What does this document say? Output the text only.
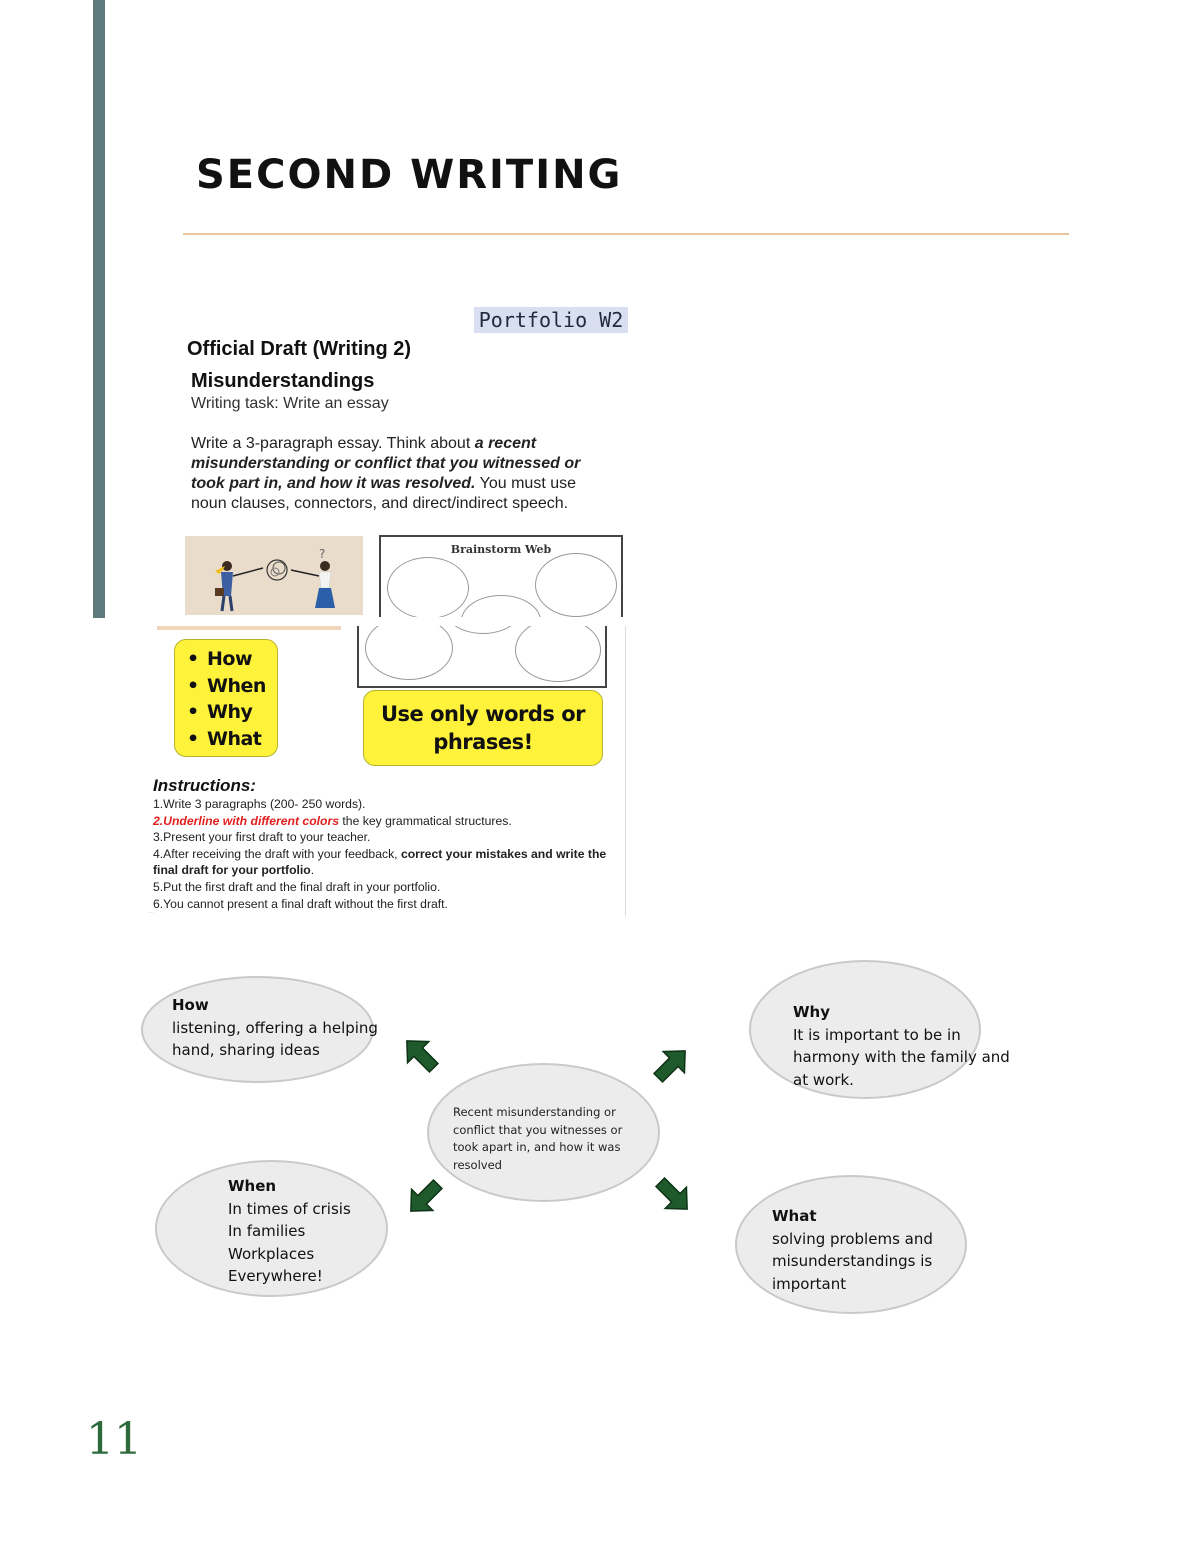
SECOND WRITING
Portfolio W2
Official Draft (Writing 2)
Misunderstandings
Writing task: Write an essay
Write a 3-paragraph essay. Think about a recent misunderstanding or conflict that you witnessed or took part in, and how it was resolved. You must use noun clauses, connectors, and direct/indirect speech.
?	Brainstorm Web
• How
• When
• Why
• What
Use only words or phrases!
Instructions:
1.Write 3 paragraphs (200- 250 words).
2.Underline with different colors the key grammatical structures.
3.Present your first draft to your teacher.
4.After receiving the draft with your feedback, correct your mistakes and write the final draft for your portfolio.
5.Put the first draft and the final draft in your portfolio.
6.You cannot present a final draft without the first draft.
···
How
listening, offering a helping
hand, sharing ideas
Why
It is important to be in
harmony with the family and
at work.
Recent misunderstanding or conflict that you witnesses or took apart in, and how it was resolved
When
In times of crisis
In families
Workplaces
Everywhere!
What
solving problems and
misunderstandings is
important
11
